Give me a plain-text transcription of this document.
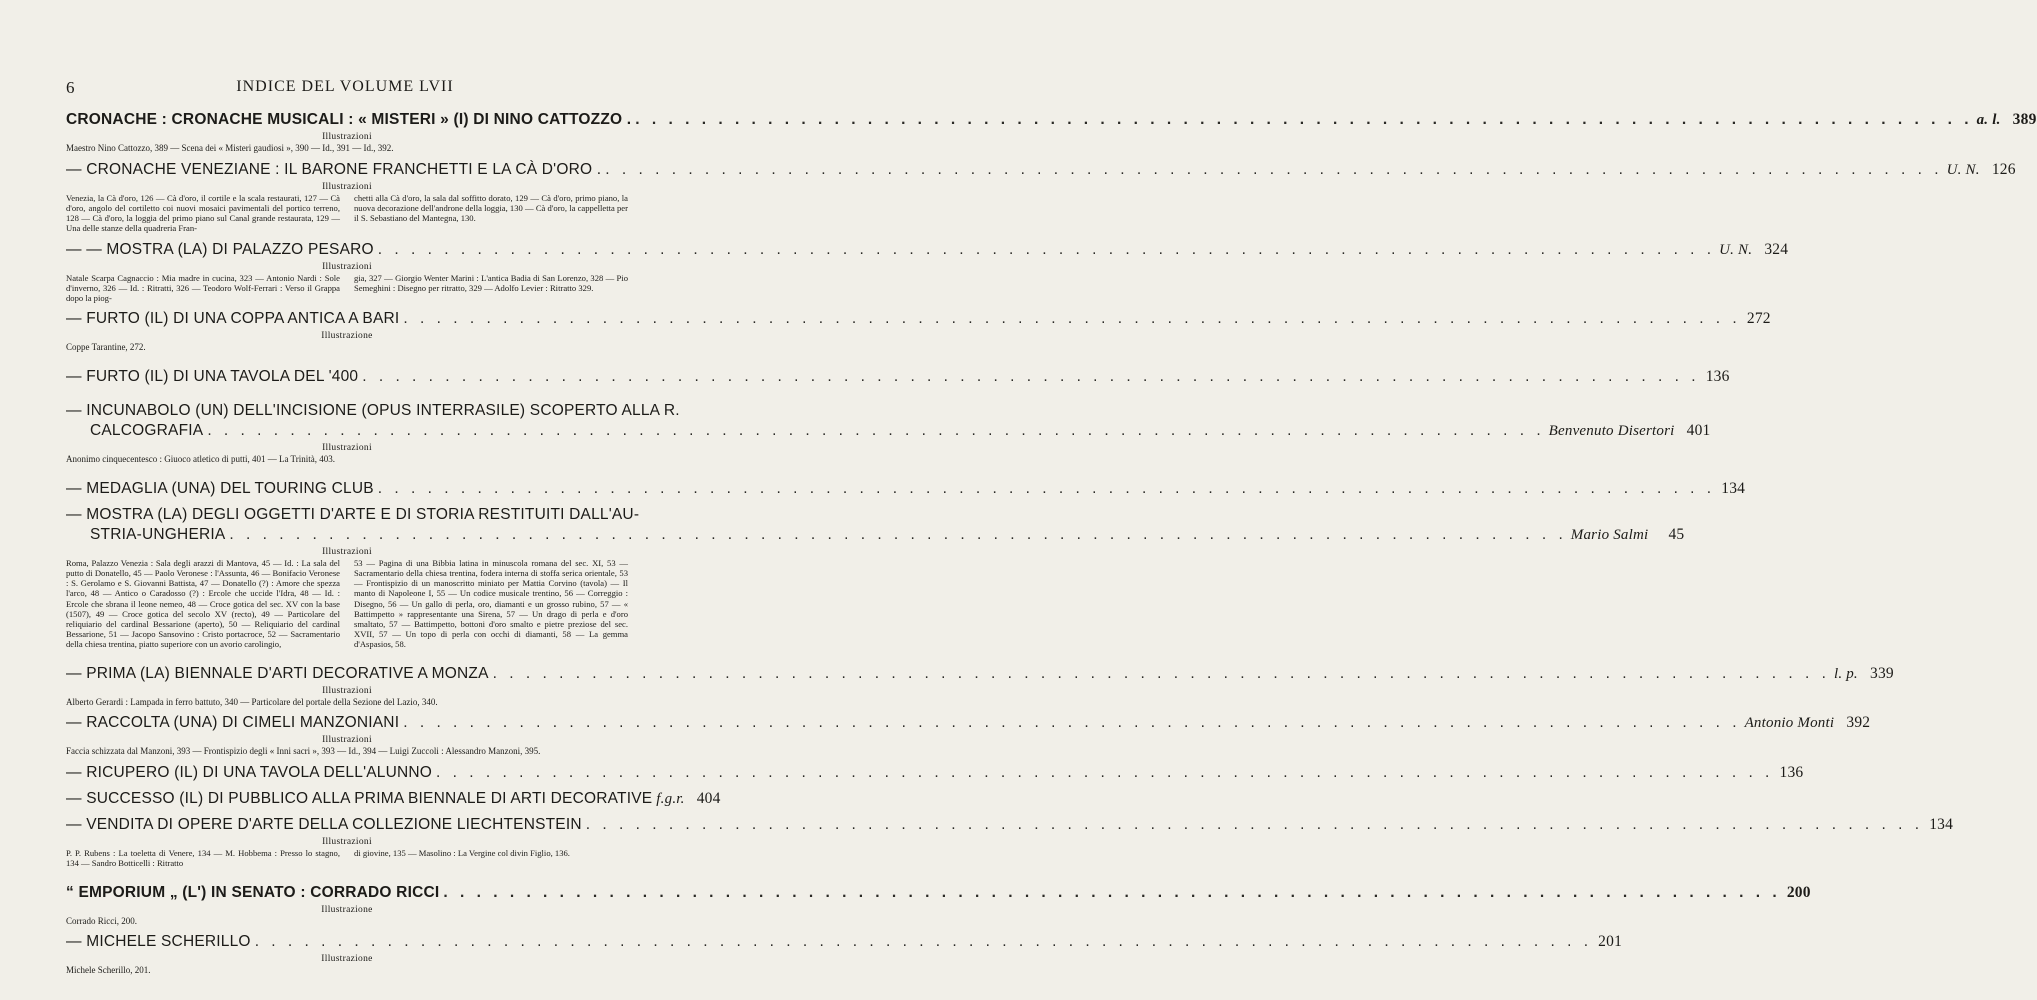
INDICE DEL VOLUME LVII
6
CRONACHE : CRONACHE MUSICALI : « MISTERI » (I) DI NINO CATTOZZO . . . .	a. l. 389
Illustrazioni
Maestro Nino Cattozzo, 389 — Scena dei « Misteri gaudiosi », 390 — Id., 391 — Id., 392.
— CRONACHE VENEZIANE : IL BARONE FRANCHETTI E LA CÀ D'ORO . . . .	U. N. 126
Illustrazioni
Venezia, la Cà d'oro, 126 — Cà d'oro, il cortile e la scala restaurati, 127 — Cà d'oro, angolo del cortiletto coi nuovi mosaici pavimentali del portico terreno, 128 — Cà d'oro, la loggia del primo piano sul Canal grande restaurata, 129 — Una delle stanze della quadreria Fran-
chetti alla Cà d'oro, la sala dal soffitto dorato, 129 — Cà d'oro, primo piano, la nuova decorazione dell'androne della loggia, 130 — Cà d'oro, la cappelletta per il S. Sebastiano del Mantegna, 130.
— — MOSTRA (LA) DI PALAZZO PESARO . . .	U. N. 324
Illustrazioni
Natale Scarpa Cagnaccio : Mia madre in cucina, 323 — Antonio Nardi : Sole d'inverno, 326 — Id. : Ritratti, 326 — Teodoro Wolf-Ferrari : Verso il Grappa dopo la piog-
gia, 327 — Giorgio Wenter Marini : L'antica Badia di San Lorenzo, 328 — Pio Semeghini : Disegno per ritratto, 329 — Adolfo Levier : Ritratto 329.
— FURTO (IL) DI UNA COPPA ANTICA A BARI . . .	272
Illustrazione
Coppe Tarantine, 272.
— FURTO (IL) DI UNA TAVOLA DEL '400 . . .	136
— INCUNABOLO (UN) DELL'INCISIONE (OPUS INTERRASILE) SCOPERTO ALLA R.
CALCOGRAFIA . . .	Benvenuto Disertori 401
Illustrazioni
Anonimo cinquecentesco : Giuoco atletico di putti, 401 — La Trinità, 403.
— MEDAGLIA (UNA) DEL TOURING CLUB . . .	134
— MOSTRA (LA) DEGLI OGGETTI D'ARTE E DI STORIA RESTITUITI DALL'AU-
STRIA-UNGHERIA . . .	Mario Salmi	45
Illustrazioni
Roma, Palazzo Venezia : Sala degli arazzi di Mantova, 45 — Id. : La sala del putto di Donatello, 45 — Paolo Veronese : l'Assunta, 46 — Bonifacio Veronese : S. Gerolamo e S. Giovanni Battista, 47 — Donatello (?) : Amore che spezza l'arco, 48 — Antico o Caradosso (?) : Ercole che uccide l'Idra, 48 — Id. : Ercole che sbrana il leone nemeo, 48 — Croce gotica del sec. XV con la base (1507), 49 — Croce gotica del secolo XV (recto), 49 — Particolare del reliquiario del cardinal Bessarione (aperto), 50 — Reliquiario del cardinal Bessarione, 51 — Jacopo Sansovino : Cristo portacroce, 52 — Sacramentario della chiesa trentina, piatto superiore con un avorio carolingio,
53 — Pagina di una Bibbia latina in minuscola romana del sec. XI, 53 — Sacramentario della chiesa trentina, fodera interna di stoffa serica orientale, 53 — Frontispizio di un manoscritto miniato per Mattia Corvino (tavola) — Il manto di Napoleone I, 55 — Un codice musicale trentino, 56 — Correggio : Disegno, 56 — Un gallo di perla, oro, diamanti e un grosso rubino, 57 — « Battimpetto » rappresentante una Sirena, 57 — Un drago di perla e d'oro smaltato, 57 — Battimpetto, bottoni d'oro smalto e pietre preziose del sec. XVII, 57 — Un topo di perla con occhi di diamanti, 58 — La gemma d'Aspasios, 58.
— PRIMA (LA) BIENNALE D'ARTI DECORATIVE A MONZA . . .	l. p. 339
Illustrazioni
Alberto Gerardi : Lampada in ferro battuto, 340 — Particolare del portale della Sezione del Lazio, 340.
— RACCOLTA (UNA) DI CIMELI MANZONIANI . . .	Antonio Monti 392
Illustrazioni
Faccia schizzata dal Manzoni, 393 — Frontispizio degli « Inni sacri », 393 — Id., 394 — Luigi Zuccoli : Alessandro Manzoni, 395.
— RICUPERO (IL) DI UNA TAVOLA DELL'ALUNNO . . .	136
— SUCCESSO (IL) DI PUBBLICO ALLA PRIMA BIENNALE DI ARTI DECORATIVE f.g.r. 404
— VENDITA DI OPERE D'ARTE DELLA COLLEZIONE LIECHTENSTEIN . . .	134
Illustrazioni
P. P. Rubens : La toeletta di Venere, 134 — M. Hobbema : Presso lo stagno, 134 — Sandro Botticelli : Ritratto
di giovine, 135 — Masolino : La Vergine col divin Figlio, 136.
“ EMPORIUM „ (L') IN SENATO : CORRADO RICCI . . .	200
Illustrazione
Corrado Ricci, 200.
— MICHELE SCHERILLO . . .	201
Illustrazione
Michele Scherillo, 201.
